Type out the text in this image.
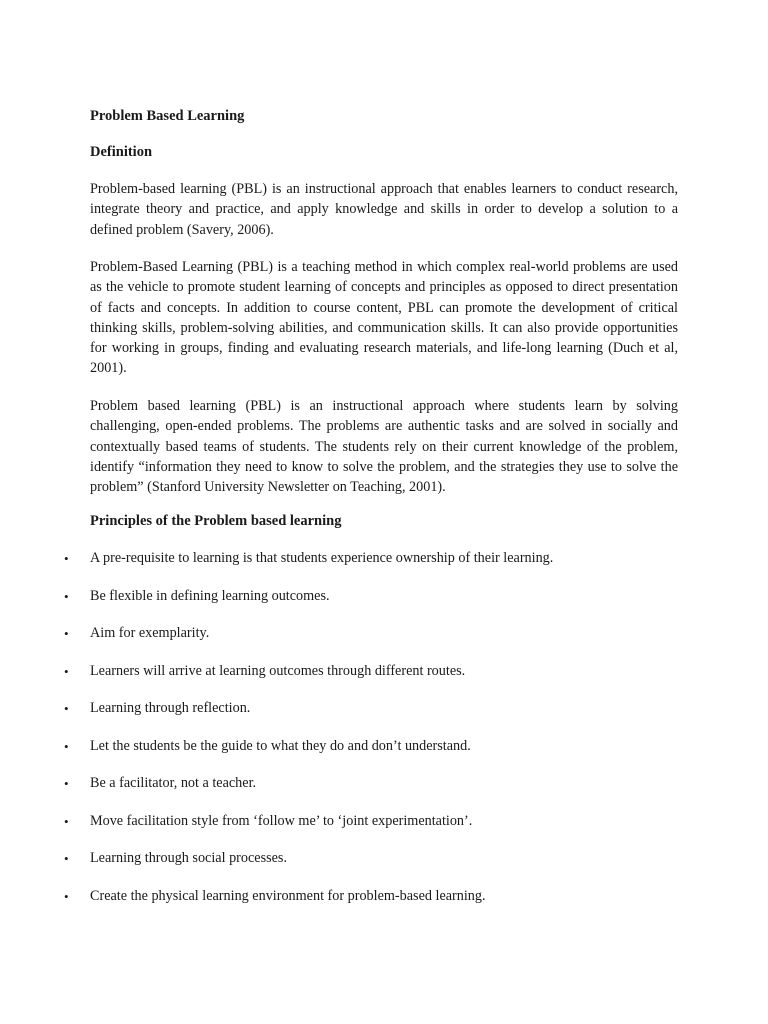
Problem Based Learning
Definition

Problem-based learning (PBL) is an instructional approach that enables learners to conduct research, integrate theory and practice, and apply knowledge and skills in order to develop a solution to a defined problem (Savery, 2006).

Problem-Based Learning (PBL) is a teaching method in which complex real-world problems are used as the vehicle to promote student learning of concepts and principles as opposed to direct presentation of facts and concepts. In addition to course content, PBL can promote the development of critical thinking skills, problem-solving abilities, and communication skills. It can also provide opportunities for working in groups, finding and evaluating research materials, and life-long learning (Duch et al, 2001).

Problem based learning (PBL) is an instructional approach where students learn by solving challenging, open-ended problems. The problems are authentic tasks and are solved in socially and contextually based teams of students. The students rely on their current knowledge of the problem, identify “information they need to know to solve the problem, and the strategies they use to solve the problem” (Stanford University Newsletter on Teaching, 2001).

Principles of the Problem based learning
• A pre-requisite to learning is that students experience ownership of their learning.
• Be flexible in defining learning outcomes.
• Aim for exemplarity.
• Learners will arrive at learning outcomes through different routes.
• Learning through reflection.
• Let the students be the guide to what they do and don’t understand.
• Be a facilitator, not a teacher.
• Move facilitation style from ‘follow me’ to ‘joint experimentation’.
• Learning through social processes.
• Create the physical learning environment for problem-based learning.
